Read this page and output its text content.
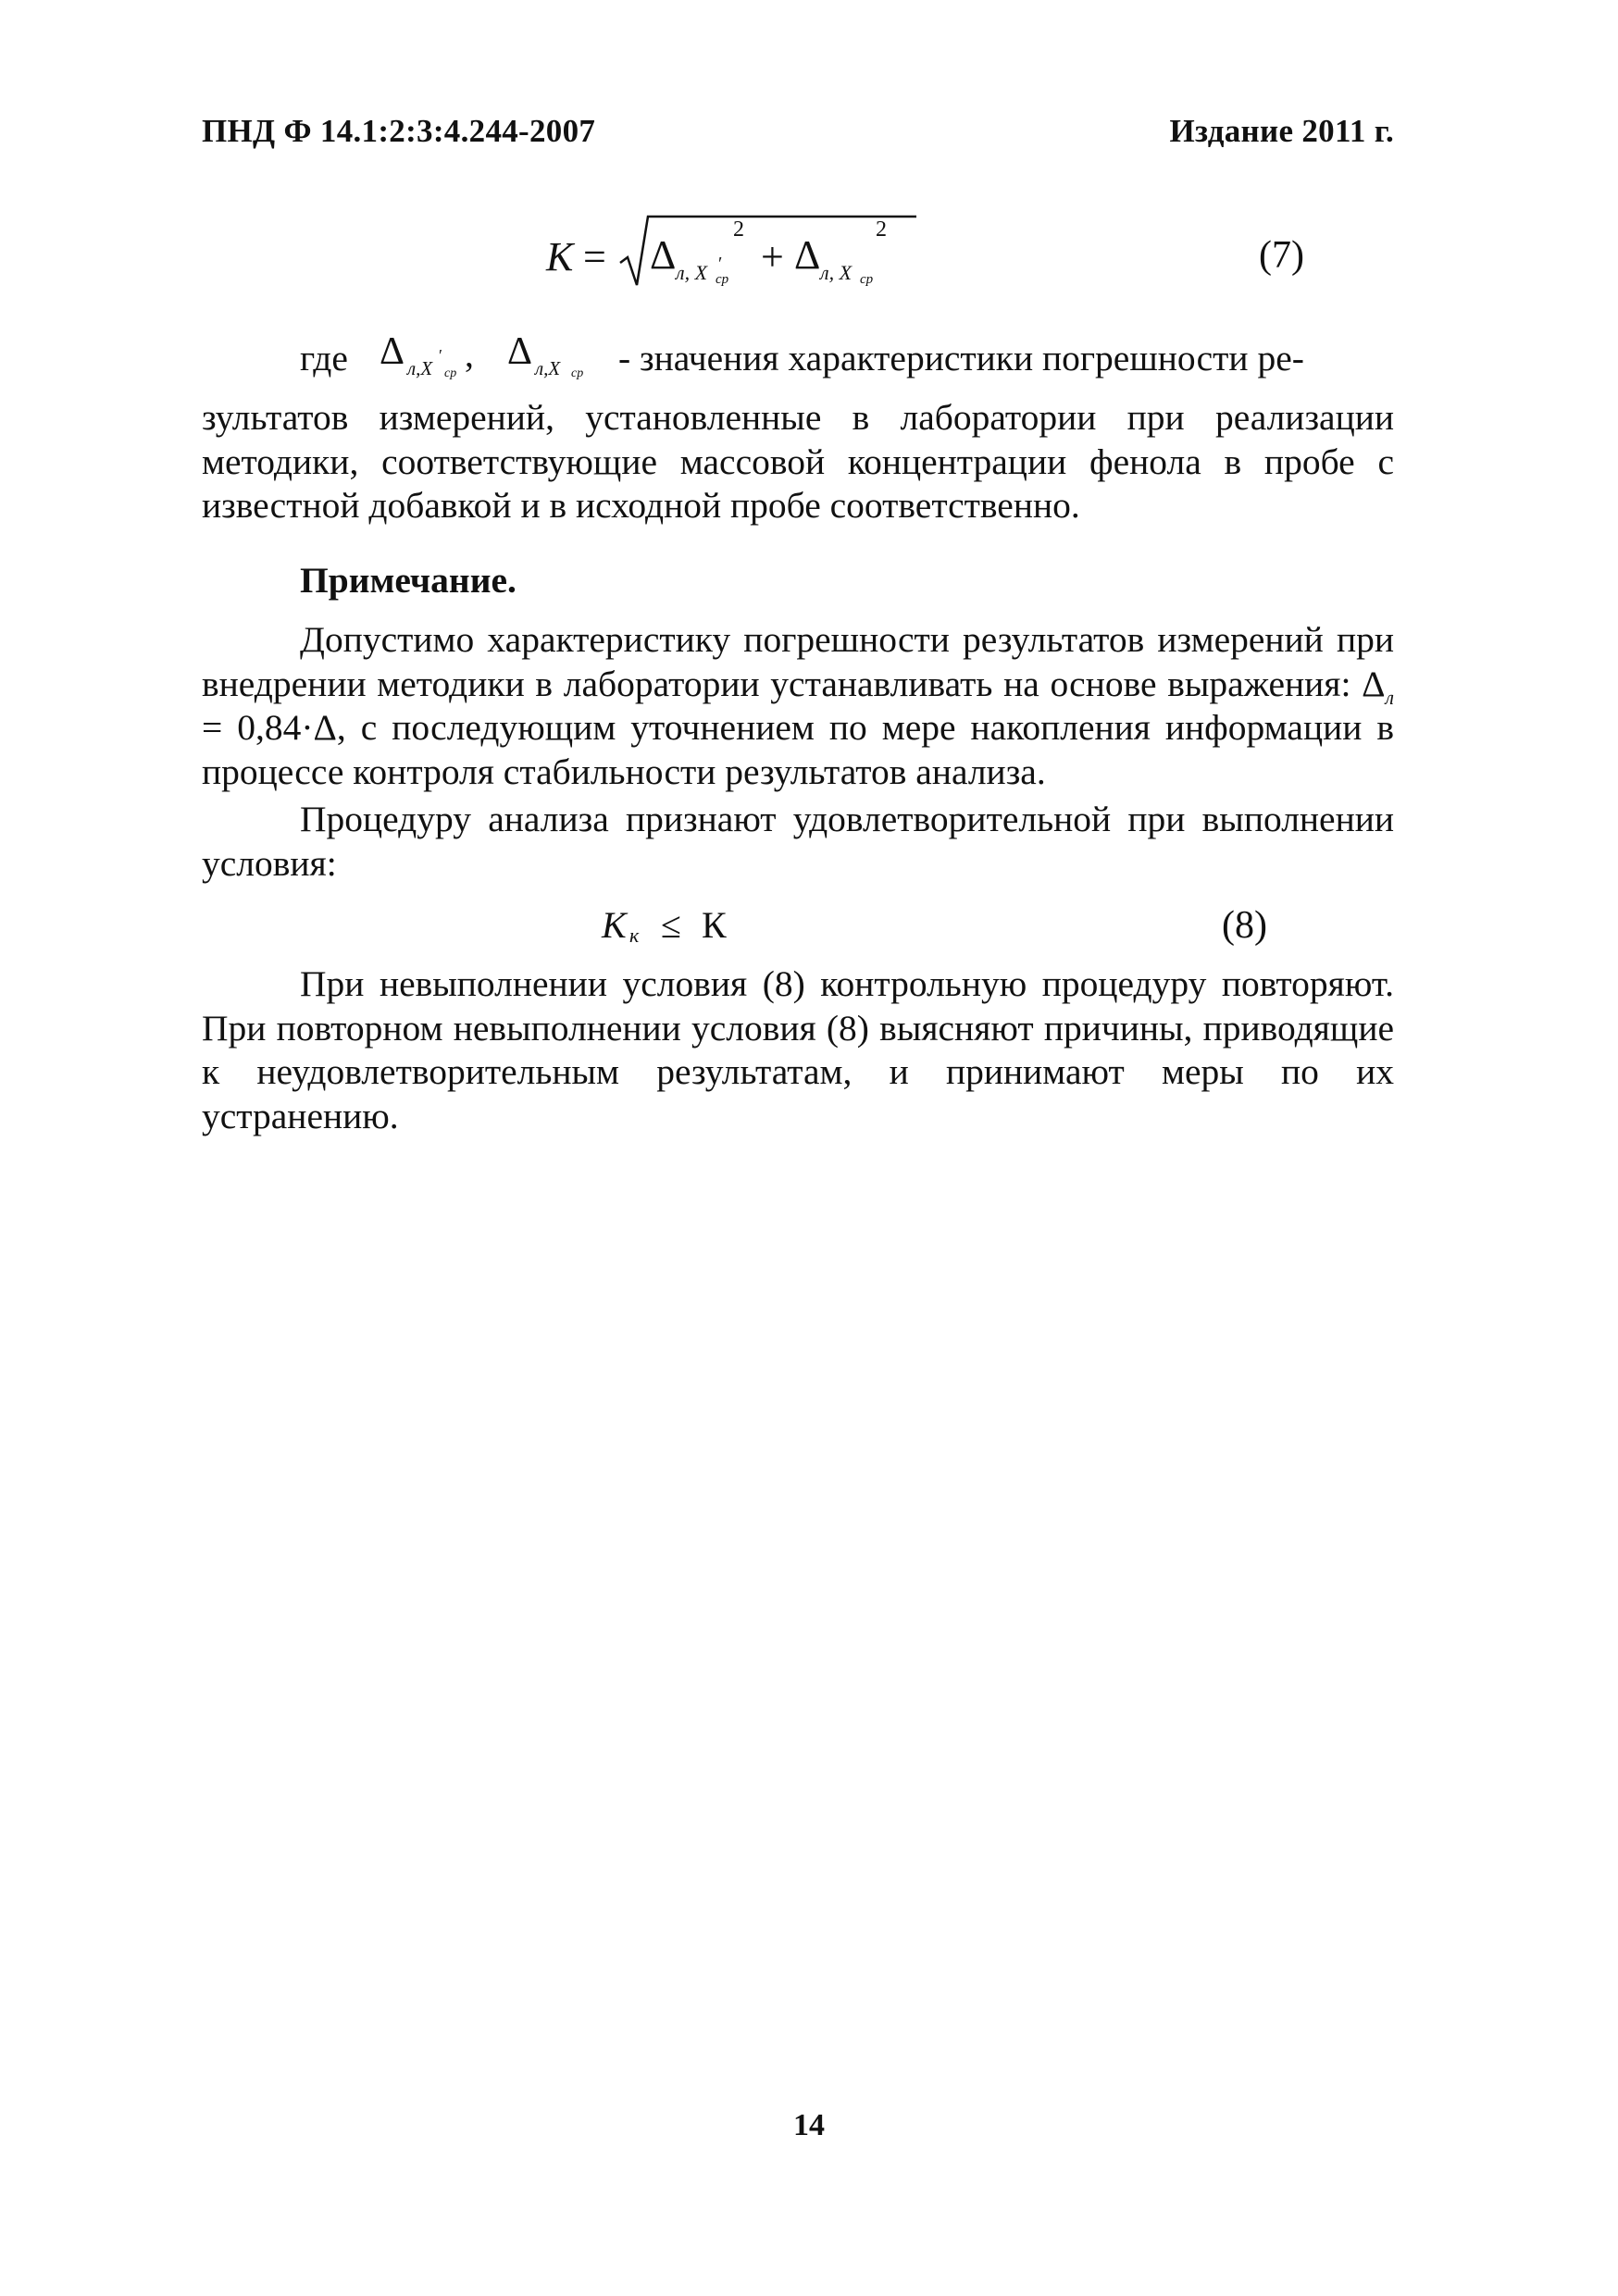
ПНД Ф 14.1:2:3:4.244-2007	Издание 2011 г.
K = Δ
2
л, X ср
′ + Δ
2
л, X ср
(7)
где Δ л,X
′
ср , Δ л,X ср - значения характеристики погрешности ре-

зультатов измерений, установленные в лаборатории при реализации методики, соответствующие массовой концентрации фенола в пробе с известной добавкой и в исходной пробе соответственно.

Примечание.

Допустимо характеристику погрешности результатов измерений при внедрении методики в лаборатории устанавливать на основе выражения: $\Delta_л = 0,84\cdot\Delta$, с последующим уточнением по мере накопления информации в процессе контроля стабильности результатов анализа.

Процедуру анализа признают удовлетворительной при выполнении условия:

K к ≤ К	(8)

При невыполнении условия (8) контрольную процедуру повторяют. При повторном невыполнении условия (8) выясняют причины, приводящие к неудовлетворительным результатам, и принимают меры по их устранению.

14
